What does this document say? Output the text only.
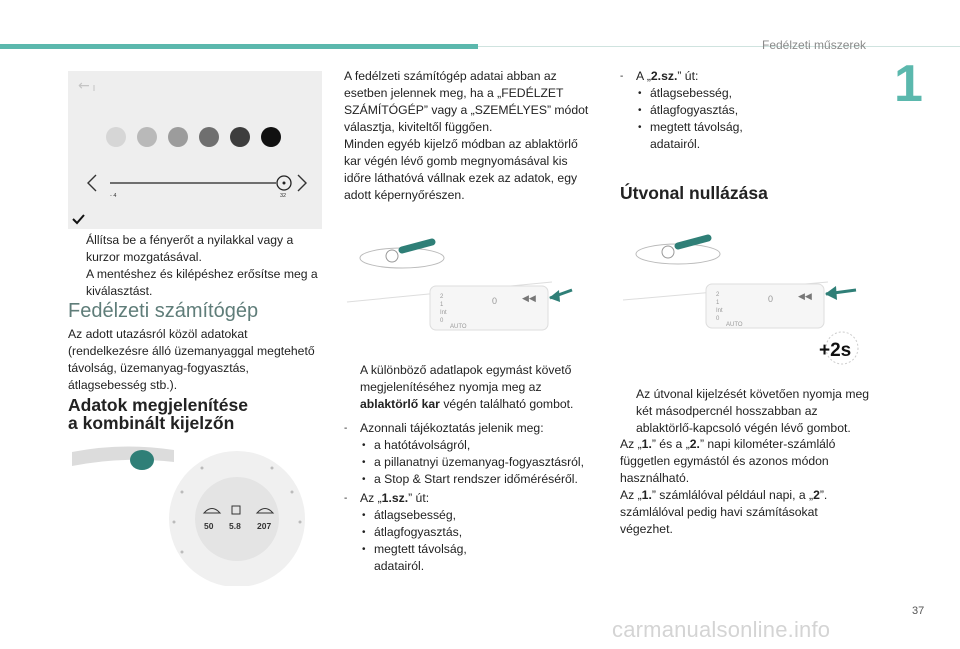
Fedélzeti műszerek
1
←
- 4	32
Állítsa be a fényerőt a nyilakkal vagy a kurzor mozgatásával.
A mentéshez és kilépéshez erősítse meg a kiválasztást.
Fedélzeti számítógép
Az adott utazásról közöl adatokat (rendelkezésre álló üzemanyaggal megtehető távolság, üzemanyag-fogyasztás, átlagsebesség stb.).
Adatok megjelenítése
a kombinált kijelzőn
50 5.8 207
A fedélzeti számítógép adatai abban az esetben jelennek meg, ha a „FEDÉLZET SZÁMÍTÓGÉP” vagy a „SZEMÉLYES” módot választja, kiviteltől függően.
Minden egyéb kijelző módban az ablaktörlő kar végén lévő gomb megnyomásával kis időre láthatóvá vállnak ezek az adatok, egy adott képernyőrészen.
2
1
Int
0
AUTO
0	◀◀
A különböző adatlapok egymást követő megjelenítéséhez nyomja meg az ablaktörlő kar végén található gombot.
-	Azonnali tájékoztatás jelenik meg:
• a hatótávolságról,
• a pillanatnyi üzemanyag-fogyasztásról,
• a Stop & Start rendszer időméréséről.
-	Az „1.sz.” út:
• átlagsebesség,
• átlagfogyasztás,
• megtett távolság, adatairól.
-	A „2.sz.” út:
• átlagsebesség,
• átlagfogyasztás,
• megtett távolság, adatairól.
Útvonal nullázása
2
1
Int
0
AUTO
0	◀◀
+2s
Az útvonal kijelzését követően nyomja meg két másodpercnél hosszabban az ablaktörlő-kapcsoló végén lévő gombot.
Az „1.” és a „2.” napi kilométer-számláló független egymástól és azonos módon használható.
Az „1.” számlálóval például napi, a „2”. számlálóval pedig havi számításokat végezhet.
37
carmanualsonline.info
